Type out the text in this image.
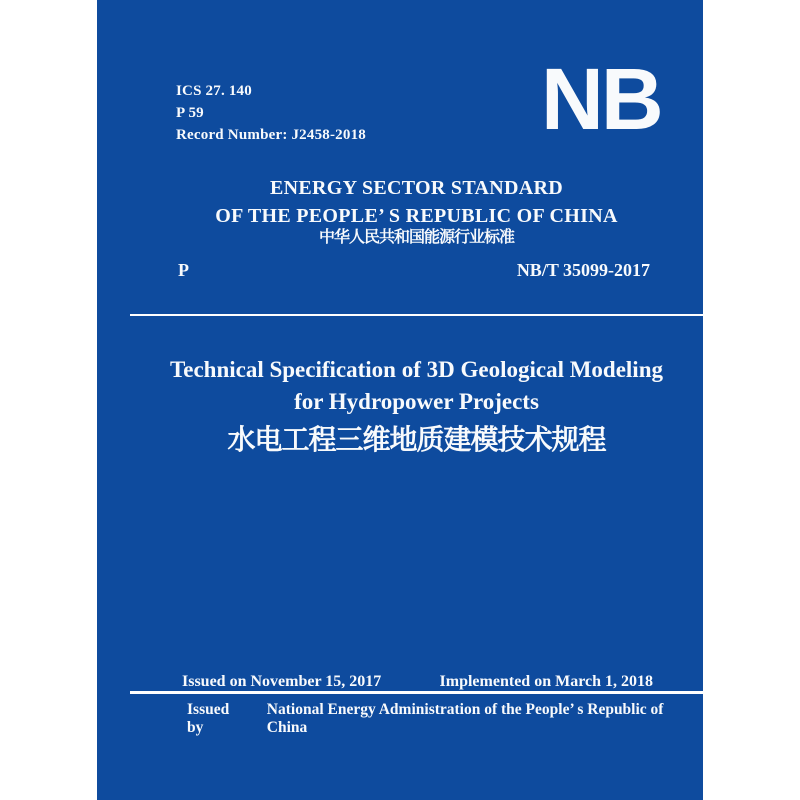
ICS 27. 140
P 59
Record Number: J2458-2018 NB
ENERGY SECTOR STANDARD
OF THE PEOPLE’ S REPUBLIC OF CHINA
中华人民共和国能源行业标准
P	NB/T 35099-2017
Technical Specification of 3D Geological Modeling
for Hydropower Projects
水电工程三维地质建模技术规程
Issued on November 15, 2017	Implemented on March 1, 2018
Issued by
National Energy Administration of the People’ s Republic of China
